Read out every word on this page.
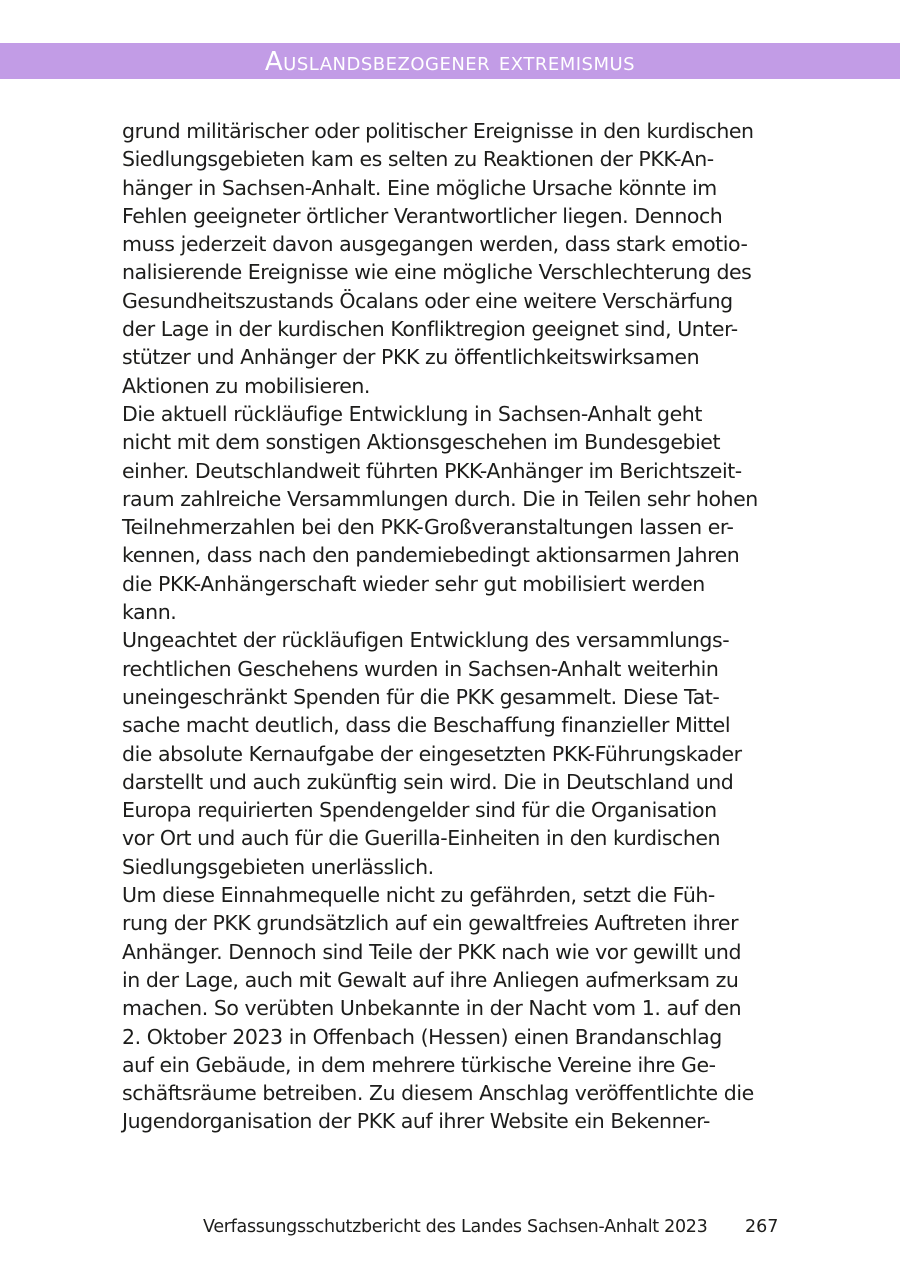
Auslandsbezogener extremismus
grund militärischer oder politischer Ereignisse in den kurdischen
Siedlungsgebieten kam es selten zu Reaktionen der PKK-An-
hänger in Sachsen-Anhalt. Eine mögliche Ursache könnte im
Fehlen geeigneter örtlicher Verantwortlicher liegen. Dennoch
muss jederzeit davon ausgegangen werden, dass stark emotio-
nalisierende Ereignisse wie eine mögliche Verschlechterung des
Gesundheitszustands Öcalans oder eine weitere Verschärfung
der Lage in der kurdischen Konfliktregion geeignet sind, Unter-
stützer und Anhänger der PKK zu öffentlichkeitswirksamen
Aktionen zu mobilisieren.
Die aktuell rückläufige Entwicklung in Sachsen-Anhalt geht
nicht mit dem sonstigen Aktionsgeschehen im Bundesgebiet
einher. Deutschlandweit führten PKK-Anhänger im Berichtszeit-
raum zahlreiche Versammlungen durch. Die in Teilen sehr hohen
Teilnehmerzahlen bei den PKK-Großveranstaltungen lassen er-
kennen, dass nach den pandemiebedingt aktionsarmen Jahren
die PKK-Anhängerschaft wieder sehr gut mobilisiert werden
kann.
Ungeachtet der rückläufigen Entwicklung des versammlungs-
rechtlichen Geschehens wurden in Sachsen-Anhalt weiterhin
uneingeschränkt Spenden für die PKK gesammelt. Diese Tat-
sache macht deutlich, dass die Beschaffung finanzieller Mittel
die absolute Kernaufgabe der eingesetzten PKK-Führungskader
darstellt und auch zukünftig sein wird. Die in Deutschland und
Europa requirierten Spendengelder sind für die Organisation
vor Ort und auch für die Guerilla-Einheiten in den kurdischen
Siedlungsgebieten unerlässlich.
Um diese Einnahmequelle nicht zu gefährden, setzt die Füh-
rung der PKK grundsätzlich auf ein gewaltfreies Auftreten ihrer
Anhänger. Dennoch sind Teile der PKK nach wie vor gewillt und
in der Lage, auch mit Gewalt auf ihre Anliegen aufmerksam zu
machen. So verübten Unbekannte in der Nacht vom 1. auf den
2. Oktober 2023 in Offenbach (Hessen) einen Brandanschlag
auf ein Gebäude, in dem mehrere türkische Vereine ihre Ge-
schäftsräume betreiben. Zu diesem Anschlag veröffentlichte die
Jugendorganisation der PKK auf ihrer Website ein Bekenner-
Verfassungsschutzbericht des Landes Sachsen-Anhalt 2023 267
